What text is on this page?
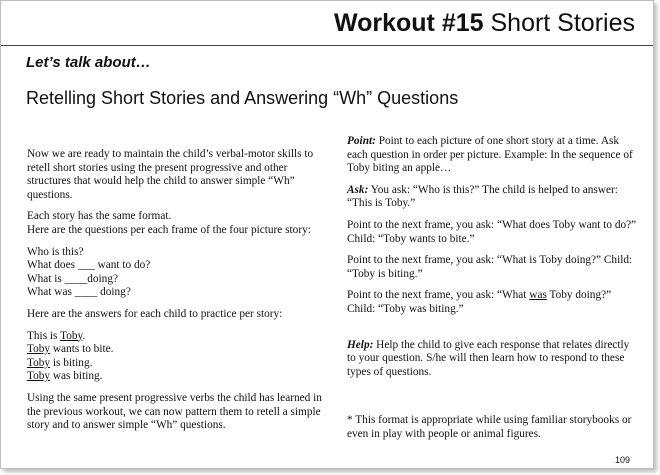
Workout #15 Short Stories
Let’s talk about…
Retelling Short Stories and Answering “Wh” Questions

Now we are ready to maintain the child’s verbal-motor skills to retell short stories using the present progressive and other structures that would help the child to answer simple “Wh” questions.

Each story has the same format.

Here are the questions per each frame of the four picture story:

Who is this?

What does ___ want to do?

What is ____doing?

What was ____ doing?

Here are the answers for each child to practice per story:

This is Toby.

Toby wants to bite.

Toby is biting.

Toby was biting.

Using the same present progressive verbs the child has learned in the previous workout, we can now pattern them to retell a simple story and to answer simple “Wh” questions.

Point: Point to each picture of one short story at a time. Ask each question in order per picture. Example: In the sequence of Toby biting an apple…

Ask: You ask: “Who is this?” The child is helped to answer: “This is Toby.”

Point to the next frame, you ask: “What does Toby want to do?” Child: “Toby wants to bite.”

Point to the next frame, you ask: “What is Toby doing?” Child: “Toby is biting.”

Point to the next frame, you ask: “What was Toby doing?” Child: “Toby was biting.”

Help: Help the child to give each response that relates directly to your question. S/he will then learn how to respond to these types of questions.

* This format is appropriate while using familiar storybooks or even in play with people or animal figures.

109
